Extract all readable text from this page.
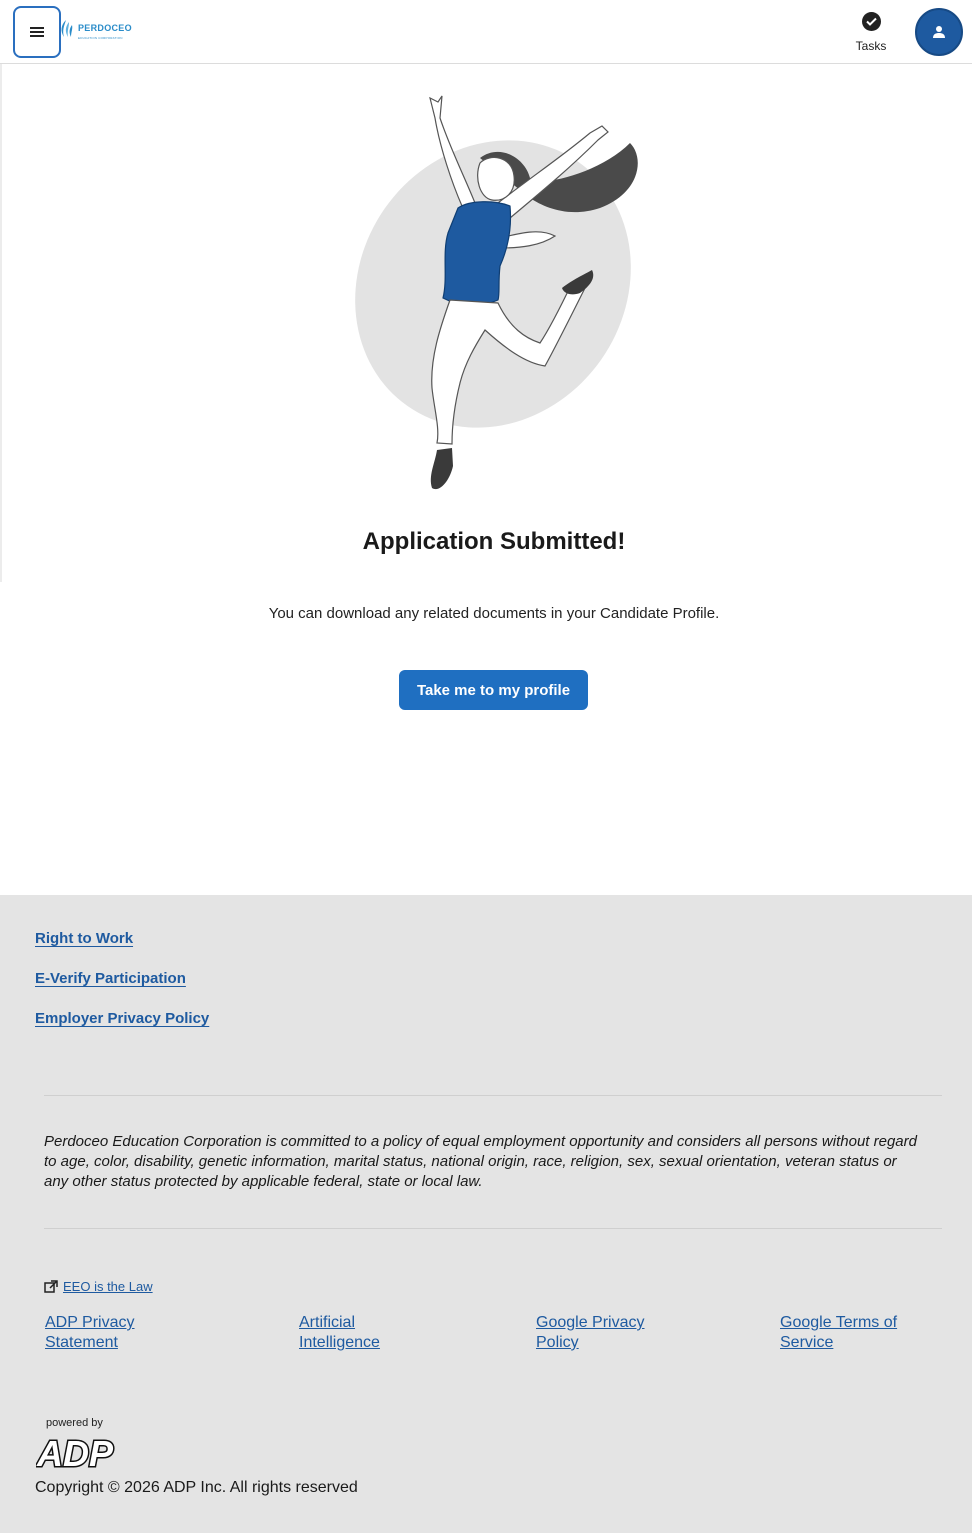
PERDOCEO
EDUCATION CORPORATION
Tasks
Application Submitted!
You can download any related documents in your Candidate Profile.
Take me to my profile
Right to Work
E-Verify Participation
Employer Privacy Policy
Perdoceo Education Corporation is committed to a policy of equal employment opportunity and considers all persons without regard to age, color, disability, genetic information, marital status, national origin, race, religion, sex, sexual orientation, veteran status or any other status protected by applicable federal, state or local law.
EEO is the Law
ADP Privacy Statement
Artificial Intelligence
Google Privacy Policy
Google Terms of Service
powered by
ADP
Copyright © 2026 ADP Inc. All rights reserved
